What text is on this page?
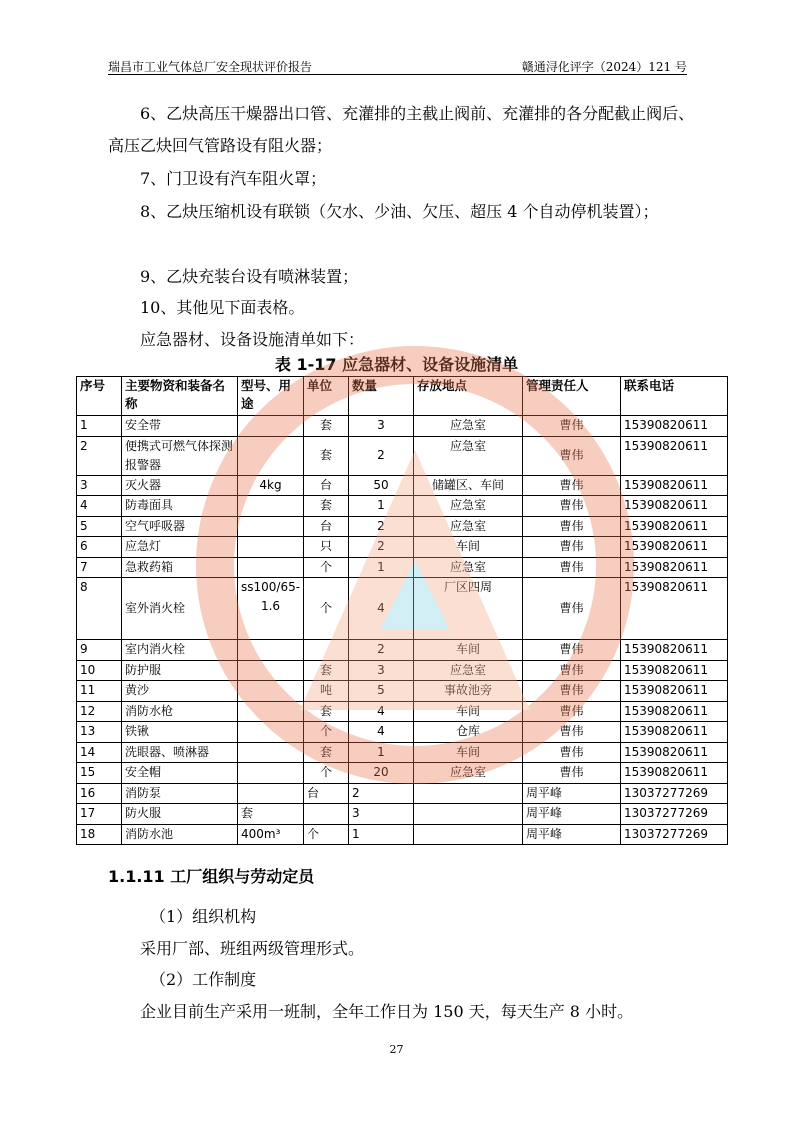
瑞昌市工业气体总厂安全现状评价报告	赣通浔化评字（2024）121 号
6、乙炔高压干燥器出口管、充灌排的主截止阀前、充灌排的各分配截止阀后、高压乙炔回气管路设有阻火器；
7、门卫设有汽车阻火罩；
8、乙炔压缩机设有联锁（欠水、少油、欠压、超压 4 个自动停机装置）；
9、乙炔充装台设有喷淋装置；
10、其他见下面表格。
应急器材、设备设施清单如下：
表 1-17 应急器材、设备设施清单
序号	主要物资和装备名称	型号、用途	单位	数量	存放地点	管理责任人	联系电话
1	安全带		套	3	应急室	曹伟	15390820611
2	便携式可燃气体探测报警器		套	2	应急室	曹伟	15390820611
3	灭火器	4kg	台	50	储罐区、车间	曹伟	15390820611
4	防毒面具		套	1	应急室	曹伟	15390820611
5	空气呼吸器		台	2	应急室	曹伟	15390820611
6	应急灯		只	2	车间	曹伟	15390820611
7	急救药箱		个	1	应急室	曹伟	15390820611
8	室外消火栓	ss100/65-1.6	个	4	厂区四周	曹伟	15390820611
9	室内消火栓			2	车间	曹伟	15390820611
10	防护服		套	3	应急室	曹伟	15390820611
11	黄沙		吨	5	事故池旁	曹伟	15390820611
12	消防水枪		套	4	车间	曹伟	15390820611
13	铁锹		个	4	仓库	曹伟	15390820611
14	洗眼器、喷淋器		套	1	车间	曹伟	15390820611
15	安全帽		个	20	应急室	曹伟	15390820611
16	消防泵		台	2		周平峰	13037277269
17	防火服	套		3		周平峰	13037277269
18	消防水池	400m³	个	1		周平峰	13037277269
1.1.11 工厂组织与劳动定员
（1）组织机构
采用厂部、班组两级管理形式。
（2）工作制度
企业目前生产采用一班制，全年工作日为 150 天，每天生产 8 小时。
27
